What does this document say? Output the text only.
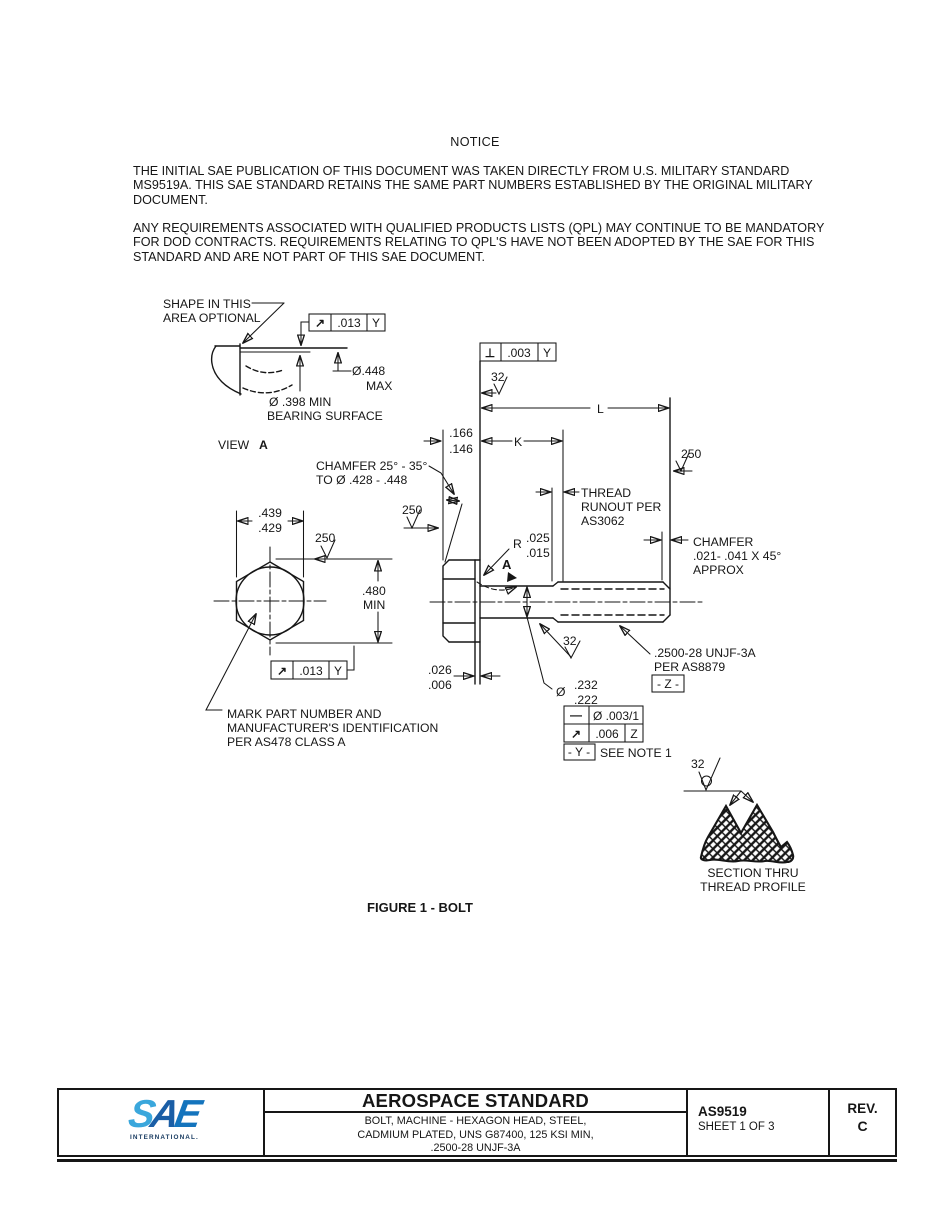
NOTICE
THE INITIAL SAE PUBLICATION OF THIS DOCUMENT WAS TAKEN DIRECTLY FROM U.S. MILITARY STANDARD
MS9519A. THIS SAE STANDARD RETAINS THE SAME PART NUMBERS ESTABLISHED BY THE ORIGINAL MILITARY
DOCUMENT.
ANY REQUIREMENTS ASSOCIATED WITH QUALIFIED PRODUCTS LISTS (QPL) MAY CONTINUE TO BE MANDATORY
FOR DOD CONTRACTS. REQUIREMENTS RELATING TO QPL'S HAVE NOT BEEN ADOPTED BY THE SAE FOR THIS
STANDARD AND ARE NOT PART OF THIS SAE DOCUMENT.
SHAPE IN THIS
AREA OPTIONAL	↗ .013 Y
Ø.448
MAX
Ø .398 MIN
BEARING SURFACE
VIEW A
.439
.429
250
.480
MIN
↗ .013 Y
MARK PART NUMBER AND
MANUFACTURER'S IDENTIFICATION
PER AS478 CLASS A
⊥ .003 Y
32
L
K
.166
.146
CHAMFER 25° - 35°
TO Ø .428 - .448
250
R .025
.015
A
THREAD
RUNOUT PER
AS3062
CHAMFER
.021- .041 X 45°
APPROX
250
32
.026
.006	Ø .232
.222
.2500-28 UNJF-3A
PER AS8879
- Z -
— Ø .003/1
↗ .006 Z
- Y - SEE NOTE 1
32
SECTION THRU
THREAD PROFILE
FIGURE 1 - BOLT
SAE
INTERNATIONAL.
AEROSPACE STANDARD
BOLT, MACHINE - HEXAGON HEAD, STEEL,
CADMIUM PLATED, UNS G87400, 125 KSI MIN,
.2500-28 UNJF-3A
AS9519
SHEET 1 OF 3
REV.
C
